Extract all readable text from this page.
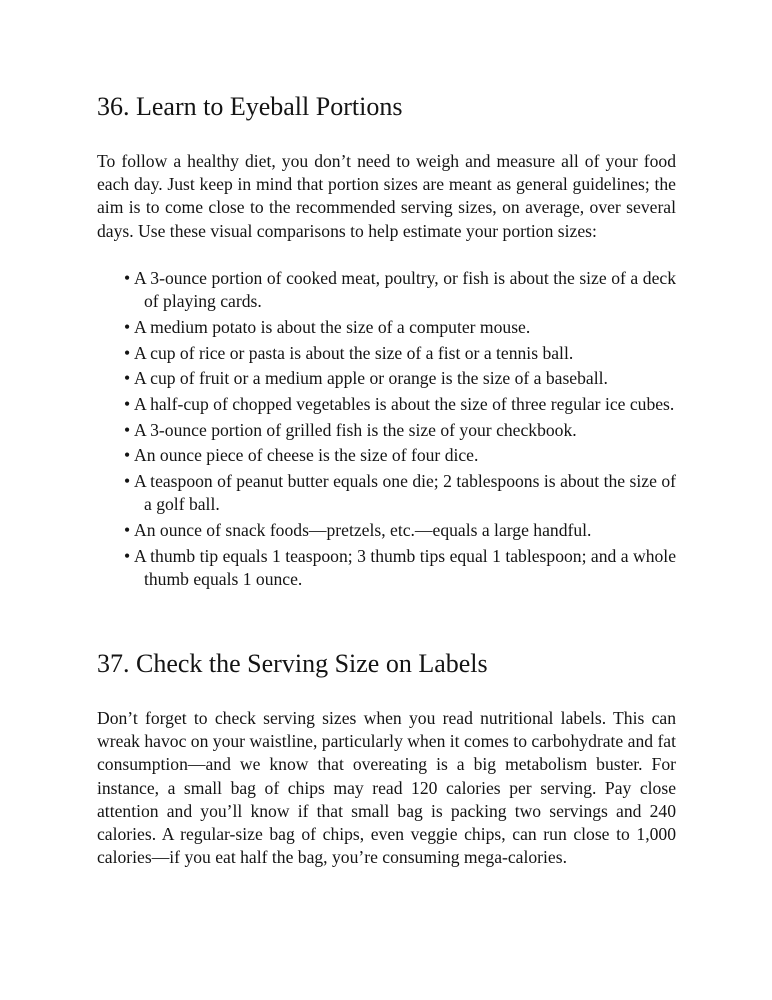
36. Learn to Eyeball Portions

To follow a healthy diet, you don’t need to weigh and measure all of your food each day. Just keep in mind that portion sizes are meant as general guidelines; the aim is to come close to the recommended serving sizes, on average, over several days. Use these visual comparisons to help estimate your portion sizes:

• A 3-ounce portion of cooked meat, poultry, or fish is about the size of a deck of playing cards.
• A medium potato is about the size of a computer mouse.
• A cup of rice or pasta is about the size of a fist or a tennis ball.
• A cup of fruit or a medium apple or orange is the size of a baseball.
• A half-cup of chopped vegetables is about the size of three regular ice cubes.
• A 3-ounce portion of grilled fish is the size of your checkbook.
• An ounce piece of cheese is the size of four dice.
• A teaspoon of peanut butter equals one die; 2 tablespoons is about the size of a golf ball.
• An ounce of snack foods—pretzels, etc.—equals a large handful.
• A thumb tip equals 1 teaspoon; 3 thumb tips equal 1 tablespoon; and a whole thumb equals 1 ounce.
37. Check the Serving Size on Labels

Don’t forget to check serving sizes when you read nutritional labels. This can wreak havoc on your waistline, particularly when it comes to carbohydrate and fat consumption—and we know that overeating is a big metabolism buster. For instance, a small bag of chips may read 120 calories per serving. Pay close attention and you’ll know if that small bag is packing two servings and 240 calories. A regular-size bag of chips, even veggie chips, can run close to 1,000 calories—if you eat half the bag, you’re consuming mega-calories.
